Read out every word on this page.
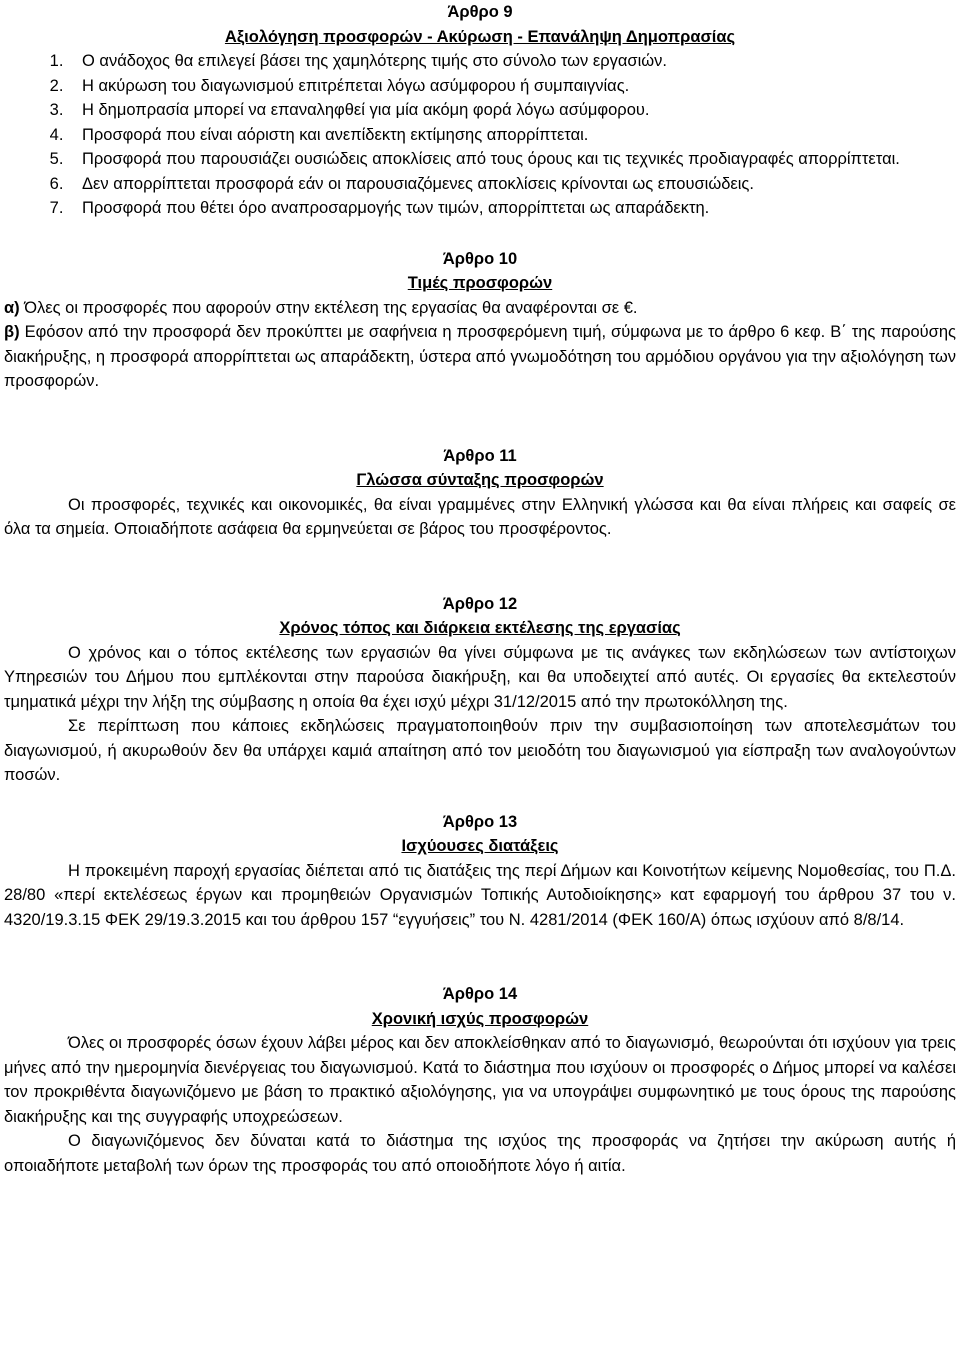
Άρθρο 9

Αξιολόγηση προσφορών - Ακύρωση - Επανάληψη Δημοπρασίας

1. Ο ανάδοχος θα επιλεγεί βάσει της χαμηλότερης τιμής στο σύνολο των εργασιών.
2. Η ακύρωση του διαγωνισμού επιτρέπεται λόγω ασύμφορου ή συμπαιγνίας.
3. Η δημοπρασία μπορεί να επαναληφθεί για μία ακόμη φορά λόγω ασύμφορου.
4. Προσφορά που είναι αόριστη και ανεπίδεκτη εκτίμησης απορρίπτεται.
5. Προσφορά που παρουσιάζει ουσιώδεις αποκλίσεις από τους όρους και τις τεχνικές προδιαγραφές απορρίπτεται.
6. Δεν απορρίπτεται προσφορά εάν οι παρουσιαζόμενες αποκλίσεις κρίνονται ως επουσιώδεις.
7. Προσφορά που θέτει όρο αναπροσαρμογής των τιμών, απορρίπτεται ως απαράδεκτη.

Άρθρο 10

Τιμές προσφορών

α) Όλες οι προσφορές που αφορούν στην εκτέλεση της εργασίας θα αναφέρονται σε €.

β) Εφόσον από την προσφορά δεν προκύπτει με σαφήνεια η προσφερόμενη τιμή, σύμφωνα με το άρθρο 6 κεφ. Β΄ της παρούσης διακήρυξης, η προσφορά απορρίπτεται ως απαράδεκτη, ύστερα από γνωμοδότηση του αρμόδιου οργάνου για την αξιολόγηση των προσφορών.

Άρθρο 11

Γλώσσα σύνταξης προσφορών

Οι προσφορές, τεχνικές και οικονομικές, θα είναι γραμμένες στην Ελληνική γλώσσα και θα είναι πλήρεις και σαφείς σε όλα τα σημεία. Οποιαδήποτε ασάφεια θα ερμηνεύεται σε βάρος του προσφέροντος.

Άρθρο 12

Χρόνος τόπος και διάρκεια εκτέλεσης της εργασίας

Ο χρόνος και ο τόπος εκτέλεσης των εργασιών θα γίνει σύμφωνα με τις ανάγκες των εκδηλώσεων των αντίστοιχων Υπηρεσιών του Δήμου που εμπλέκονται στην παρούσα διακήρυξη, και θα υποδειχτεί από αυτές. Οι εργασίες θα εκτελεστούν τμηματικά μέχρι την λήξη της σύμβασης η οποία θα έχει ισχύ μέχρι 31/12/2015 από την πρωτοκόλληση της.

Σε περίπτωση που κάποιες εκδηλώσεις πραγματοποιηθούν πριν την συμβασιοποίηση των αποτελεσμάτων του διαγωνισμού, ή ακυρωθούν δεν θα υπάρχει καμιά απαίτηση από τον μειοδότη του διαγωνισμού για είσπραξη των αναλογούντων ποσών.

Άρθρο 13

Ισχύουσες διατάξεις

Η προκειμένη παροχή εργασίας διέπεται από τις διατάξεις της περί Δήμων και Κοινοτήτων κείμενης Νομοθεσίας, του Π.Δ. 28/80 «περί εκτελέσεως έργων και προμηθειών Οργανισμών Τοπικής Αυτοδιοίκησης» κατ εφαρμογή του άρθρου 37 του ν. 4320/19.3.15 ΦΕΚ 29/19.3.2015 και του άρθρου 157 “εγγυήσεις” του Ν. 4281/2014 (ΦΕΚ 160/Α) όπως ισχύουν από 8/8/14.

Άρθρο 14

Χρονική ισχύς προσφορών

Όλες οι προσφορές όσων έχουν λάβει μέρος και δεν αποκλείσθηκαν από το διαγωνισμό, θεωρούνται ότι ισχύουν για τρεις μήνες από την ημερομηνία διενέργειας του διαγωνισμού. Κατά το διάστημα που ισχύουν οι προσφορές ο Δήμος μπορεί να καλέσει τον προκριθέντα διαγωνιζόμενο με βάση το πρακτικό αξιολόγησης, για να υπογράψει συμφωνητικό με τους όρους της παρούσης διακήρυξης και της συγγραφής υποχρεώσεων.

Ο διαγωνιζόμενος δεν δύναται κατά το διάστημα της ισχύος της προσφοράς να ζητήσει την ακύρωση αυτής ή οποιαδήποτε μεταβολή των όρων της προσφοράς του από οποιοδήποτε λόγο ή αιτία.
